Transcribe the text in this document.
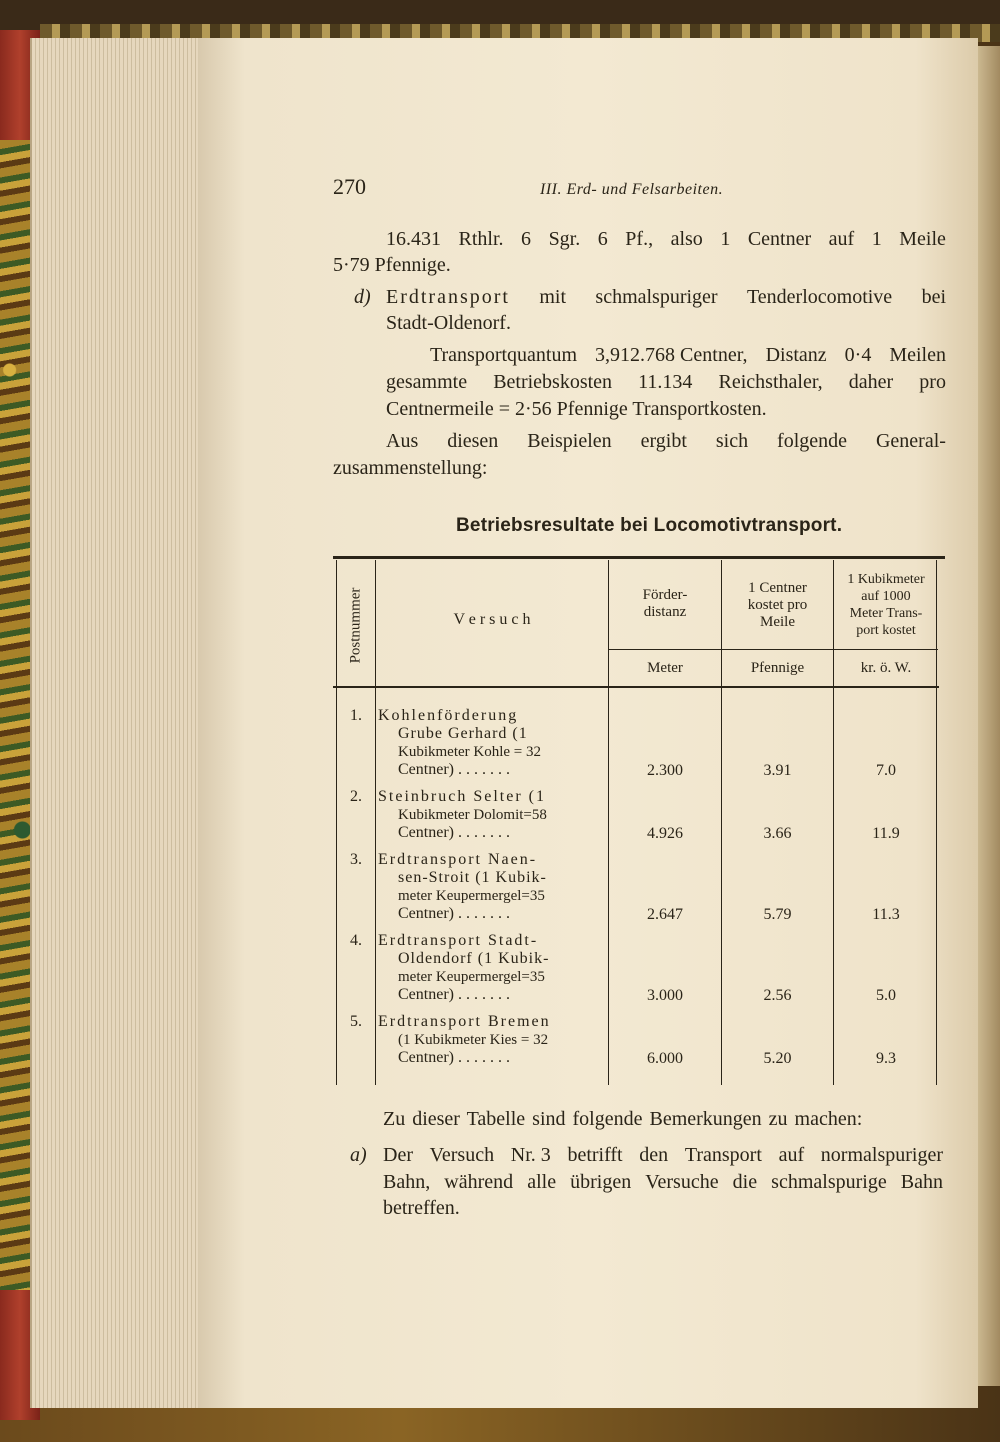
270	III. Erd- und Felsarbeiten.
16.431 Rthlr. 6 Sgr. 6 Pf., also 1 Centner auf 1 Meile
5·79 Pfennige.
d) Erdtransport mit schmalspuriger Tenderlocomotive bei
Stadt-Oldenorf.
Transportquantum 3,912.768 Centner, Distanz 0·4 Meilen
gesammte Betriebskosten 11.134 Reichsthaler, daher pro
Centnermeile = 2·56 Pfennige Transportkosten.
Aus diesen Beispielen ergibt sich folgende General-
zusammenstellung:
Betriebsresultate bei Locomotivtransport.
Postnummer	V e r s u c h
Förder-
distanz
1 Centner
kostet pro
Meile
1 Kubikmeter
auf 1000
Meter Trans-
port kostet
Meter	Pfennige	kr. ö. W.
1.	Kohlenförderung
Grube Gerhard (1
Kubikmeter Kohle = 32
Centner) . . . . . . .	2.300	3.91	7.0
2.	Steinbruch Selter (1
Kubikmeter Dolomit=58
Centner) . . . . . . .	4.926	3.66	11.9
3.	Erdtransport Naen-
sen-Stroit (1 Kubik-
meter Keupermergel=35
Centner) . . . . . . .	2.647	5.79	11.3
4.	Erdtransport Stadt-
Oldendorf (1 Kubik-
meter Keupermergel=35
Centner) . . . . . . .	3.000	2.56	5.0
5.	Erdtransport Bremen
(1 Kubikmeter Kies = 32
Centner) . . . . . . .	6.000	5.20	9.3
Zu dieser Tabelle sind folgende Bemerkungen zu machen:
a) Der Versuch Nr. 3 betrifft den Transport auf normalspuriger
Bahn, während alle übrigen Versuche die schmalspurige Bahn
betreffen.
